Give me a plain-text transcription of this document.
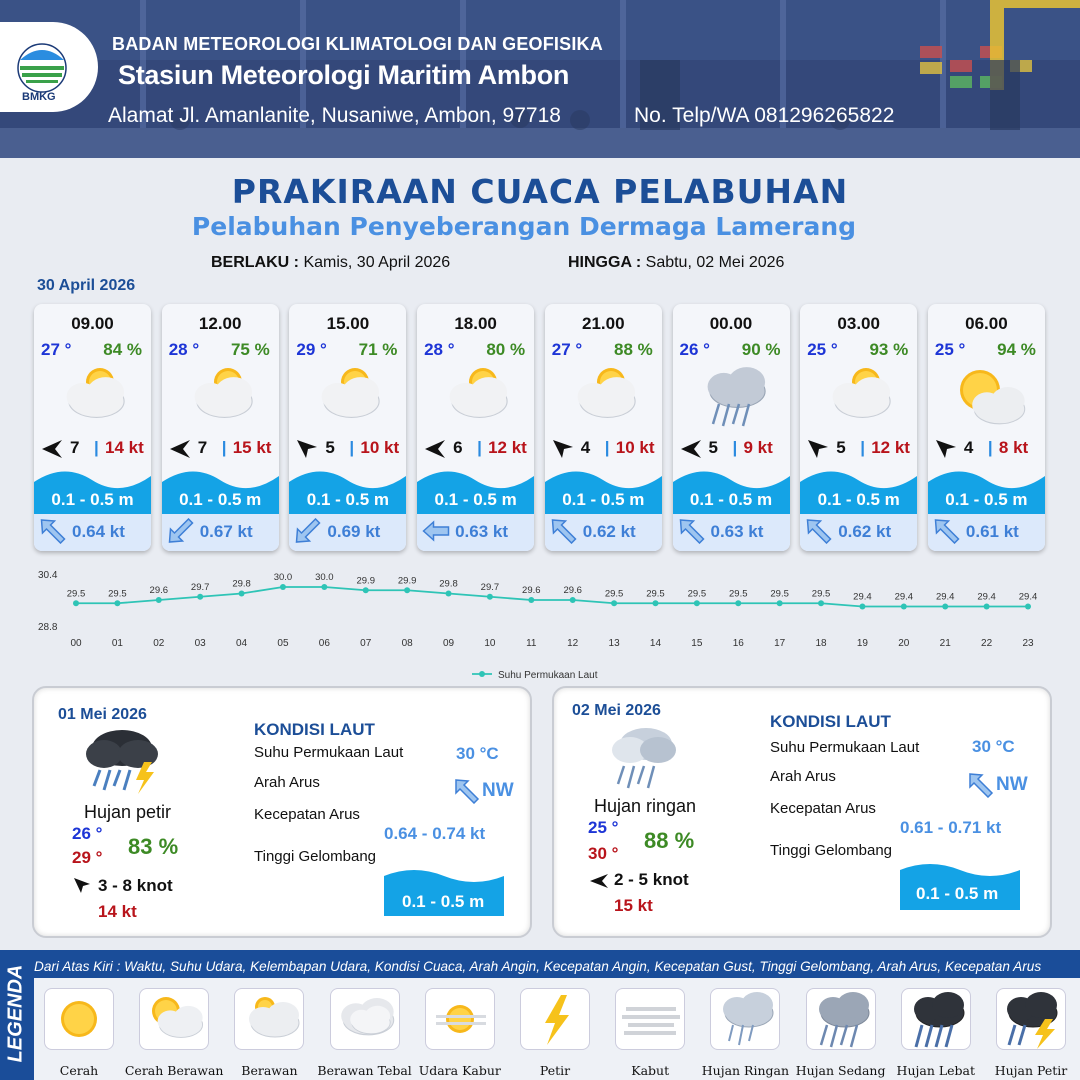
BMKG
BADAN METEOROLOGI KLIMATOLOGI DAN GEOFISIKA
Stasiun Meteorologi Maritim Ambon
Alamat Jl. Amanlanite, Nusaniwe, Ambon, 97718	No. Telp/WA 081296265822
PRAKIRAAN CUACA PELABUHAN
Pelabuhan Penyeberangan Dermaga Lamerang
BERLAKU : Kamis, 30 April 2026	HINGGA : Sabtu, 02 Mei 2026
30 April 2026
09.00
27 ° 84 %
7 | 14 kt
0.1 - 0.5 m
0.64 kt
12.00
28 ° 75 %
7 | 15 kt
0.1 - 0.5 m
0.67 kt
15.00
29 ° 71 %
5 | 10 kt
0.1 - 0.5 m
0.69 kt
18.00
28 ° 80 %
6 | 12 kt
0.1 - 0.5 m
0.63 kt
21.00
27 ° 88 %
4 | 10 kt
0.1 - 0.5 m
0.62 kt
00.00
26 ° 90 %
5 | 9 kt
0.1 - 0.5 m
0.63 kt
03.00
25 ° 93 %
5 | 12 kt
0.1 - 0.5 m
0.62 kt
06.00
25 ° 94 %
4 | 8 kt
0.1 - 0.5 m
0.61 kt
30.4
28.8
29.5
00
29.5
01
29.6
02
29.7
03
29.8
04
30.0
05
30.0
06
29.9
07
29.9
08
29.8
09
29.7
10
29.6
11
29.6
12
29.5
13
29.5
14
29.5
15
29.5
16
29.5
17
29.5
18
29.4
19
29.4
20
29.4
21
29.4
22
29.4
23
Suhu Permukaan Laut
01 Mei 2026
Hujan petir
26 °
29 ° 83 %
3 - 8 knot
14 kt
KONDISI LAUT
Suhu Permukaan Laut	30 °C
Arah Arus	NW
Kecepatan Arus
0.64 - 0.74 kt
Tinggi Gelombang
0.1 - 0.5 m
02 Mei 2026
Hujan ringan
25 °
30 °
88 %
2 - 5 knot
15 kt
KONDISI LAUT
Suhu Permukaan Laut	30 °C
Arah Arus	NW
Kecepatan Arus
0.61 - 0.71 kt
Tinggi Gelombang
0.1 - 0.5 m
LEGENDA Dari Atas Kiri : Waktu, Suhu Udara, Kelembapan Udara, Kondisi Cuaca, Arah Angin, Kecepatan Angin, Kecepatan Gust, Tinggi Gelombang, Arah Arus, Kecepatan Arus
Cerah	Cerah Berawan	Berawan	Berawan Tebal Udara Kabur	Petir	Kabut	Hujan Ringan Hujan Sedang Hujan Lebat	Hujan Petir
